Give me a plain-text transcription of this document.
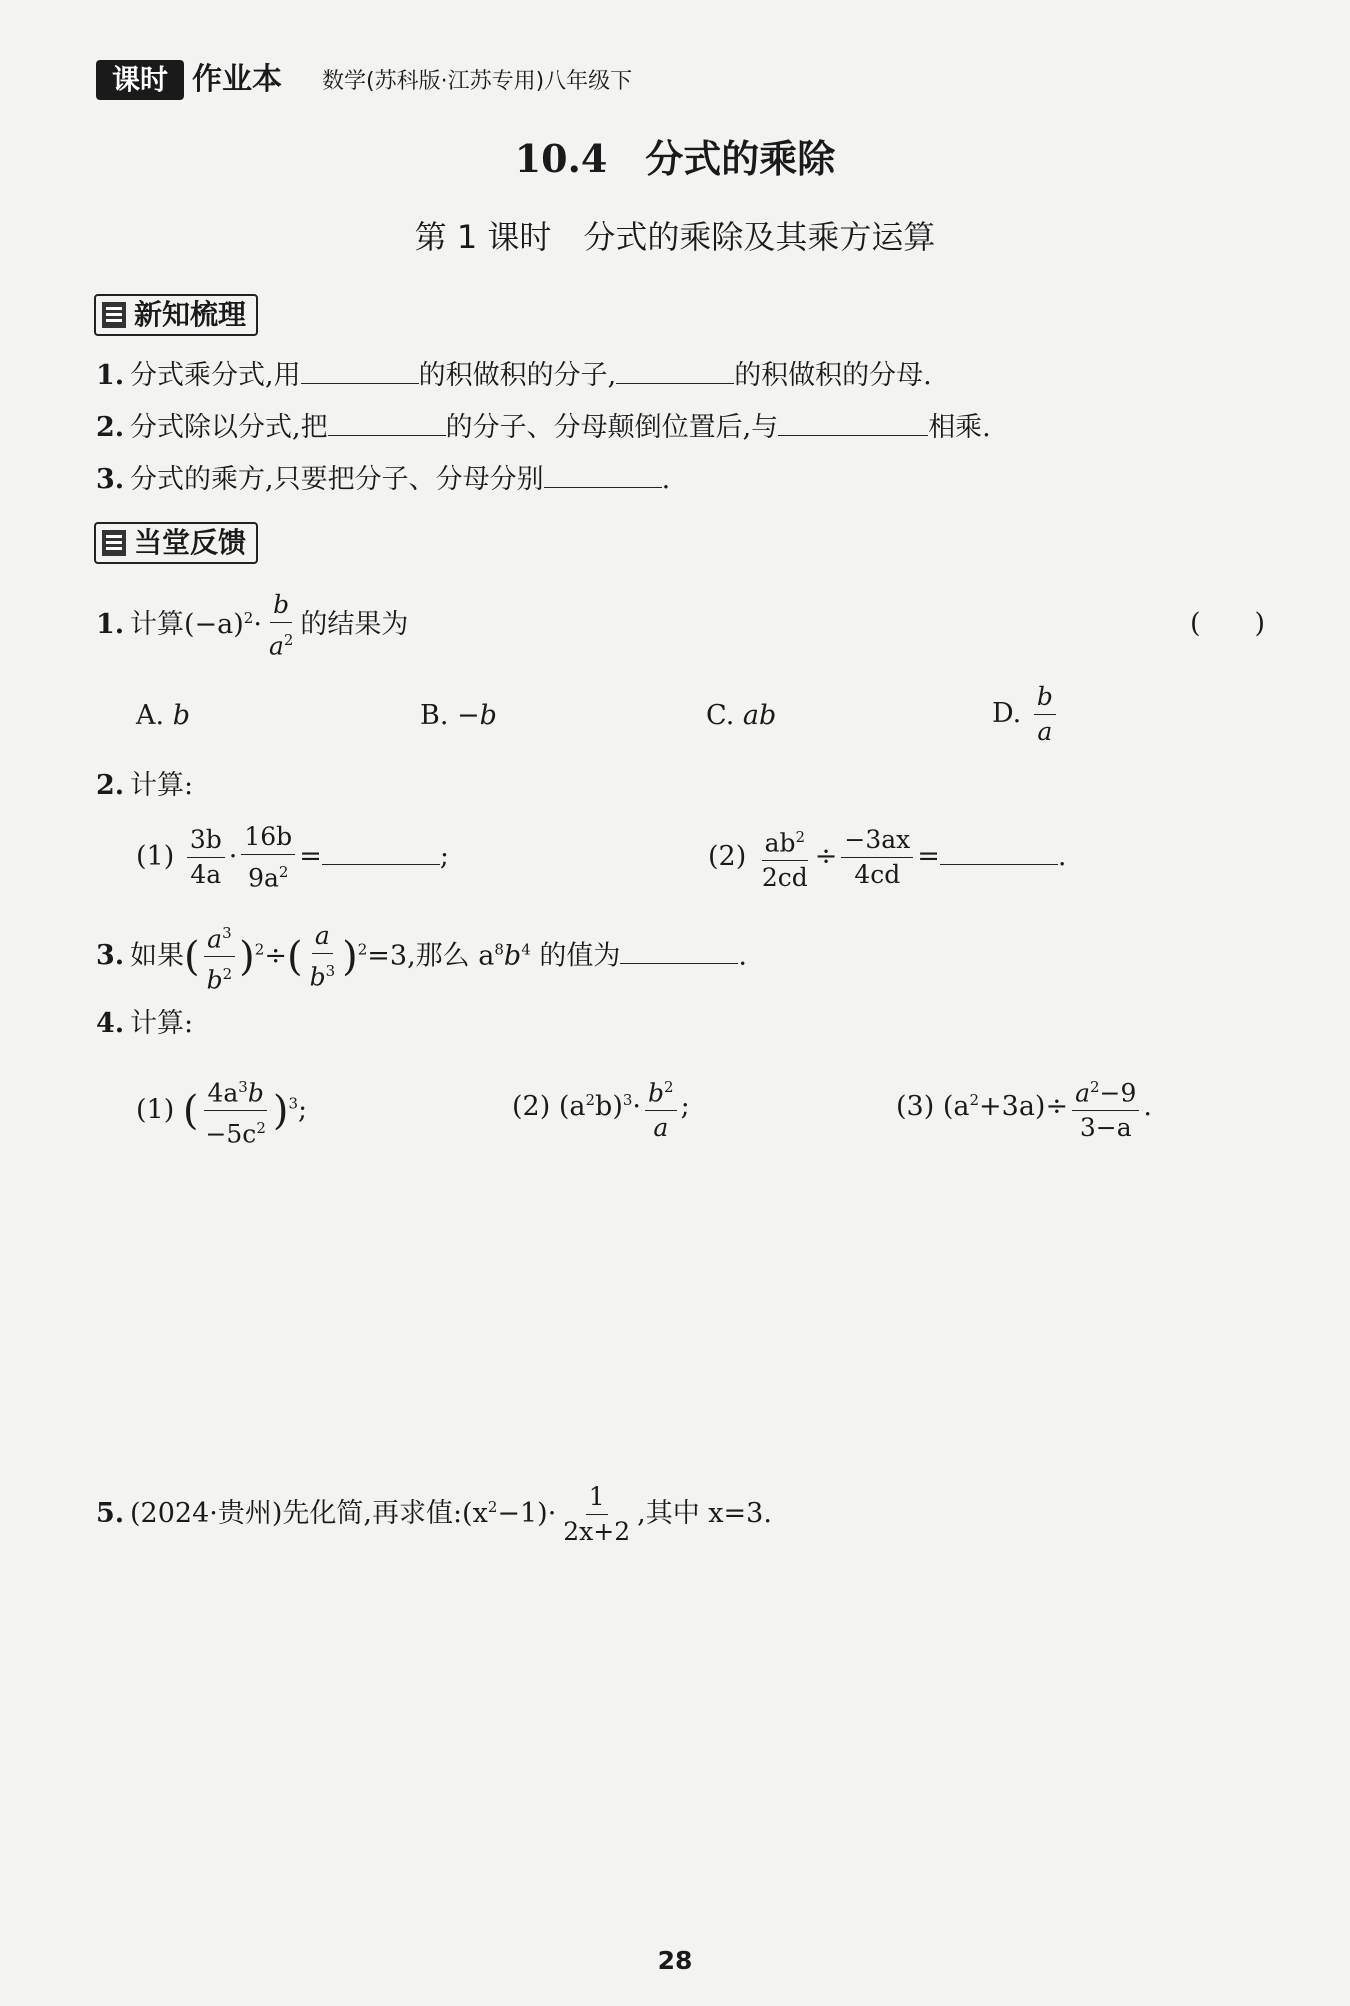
课时 作业本 数学(苏科版·江苏专用)八年级下
10.4　分式的乘除
第 1 课时　分式的乘除及其乘方运算
新知梳理
1. 分式乘分式,用	的积做积的分子,	的积做积的分母.
2. 分式除以分式,把	的分子、分母颠倒位置后,与	相乘.
3. 分式的乘方,只要把分子、分母分别	.
当堂反馈
1. 计算$(-a)^2\cdot \frac{b}{a^2}$ 的结果为	(　　)
A. b	B. −b	C. ab	D. $\frac{b}{a}$
2. 计算:
$(1) \frac{3b}{4a} \cdot \frac{16b}{9a^2}$ =	;	$(2) \frac{ab^2}{2cd} \div \frac{-3ax}{4cd}$ =	.
3. 如果( $\frac{a^3}{b^2} )^2\div( \frac{a}{b^3} )^2=3$,那么 $a^8b^4$ 的值为	.
4. 计算:
(1) ( $\frac{4a^3b}{-5c^2} )^3$;	(2) $(a^2b)^3\cdot \frac{b^2}{a}$ ;	(3) $(a^2+3a)\div \frac{a^2-9}{3-a}$ .
5. (2024·贵州)先化简,再求值$:(x^2-1)\cdot \frac{1}{2x+2}$ ,其中 x=3.
28
